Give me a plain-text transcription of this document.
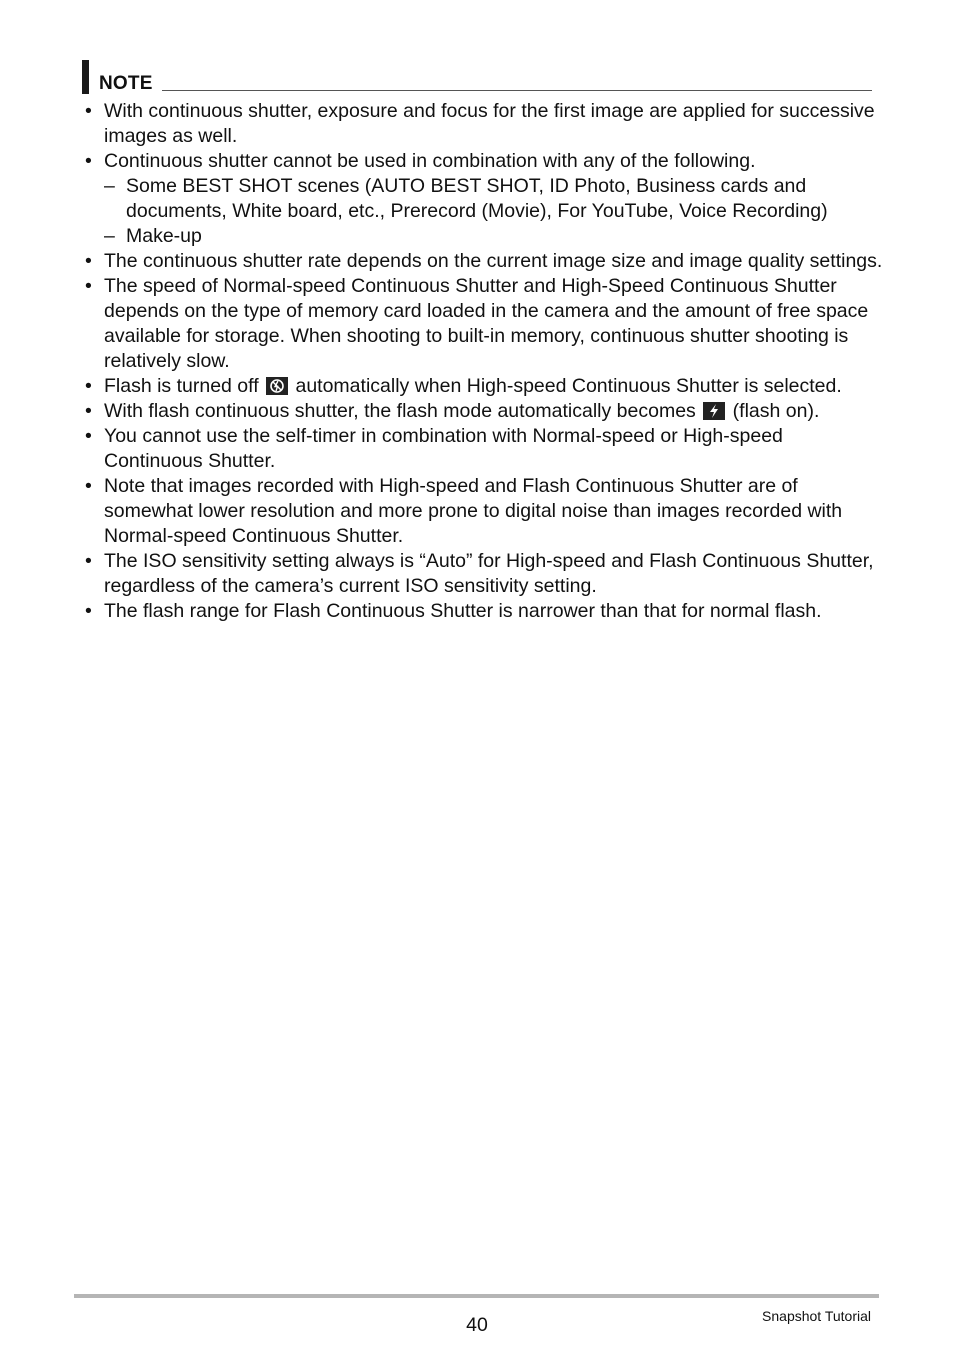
NOTE
• With continuous shutter, exposure and focus for the first image are applied for successive images as well.
• Continuous shutter cannot be used in combination with any of the following.
– Some BEST SHOT scenes (AUTO BEST SHOT, ID Photo, Business cards and documents, White board, etc., Prerecord (Movie), For YouTube, Voice Recording)
– Make-up
• The continuous shutter rate depends on the current image size and image quality settings.
• The speed of Normal-speed Continuous Shutter and High-Speed Continuous Shutter depends on the type of memory card loaded in the camera and the amount of free space available for storage. When shooting to built-in memory, continuous shutter shooting is relatively slow.
• Flash is turned off automatically when High-speed Continuous Shutter is selected.
• With flash continuous shutter, the flash mode automatically becomes (flash on).
• You cannot use the self-timer in combination with Normal-speed or High-speed Continuous Shutter.
• Note that images recorded with High-speed and Flash Continuous Shutter are of somewhat lower resolution and more prone to digital noise than images recorded with Normal-speed Continuous Shutter.
• The ISO sensitivity setting always is “Auto” for High-speed and Flash Continuous Shutter, regardless of the camera’s current ISO sensitivity setting.
• The flash range for Flash Continuous Shutter is narrower than that for normal flash.
40	Snapshot Tutorial
